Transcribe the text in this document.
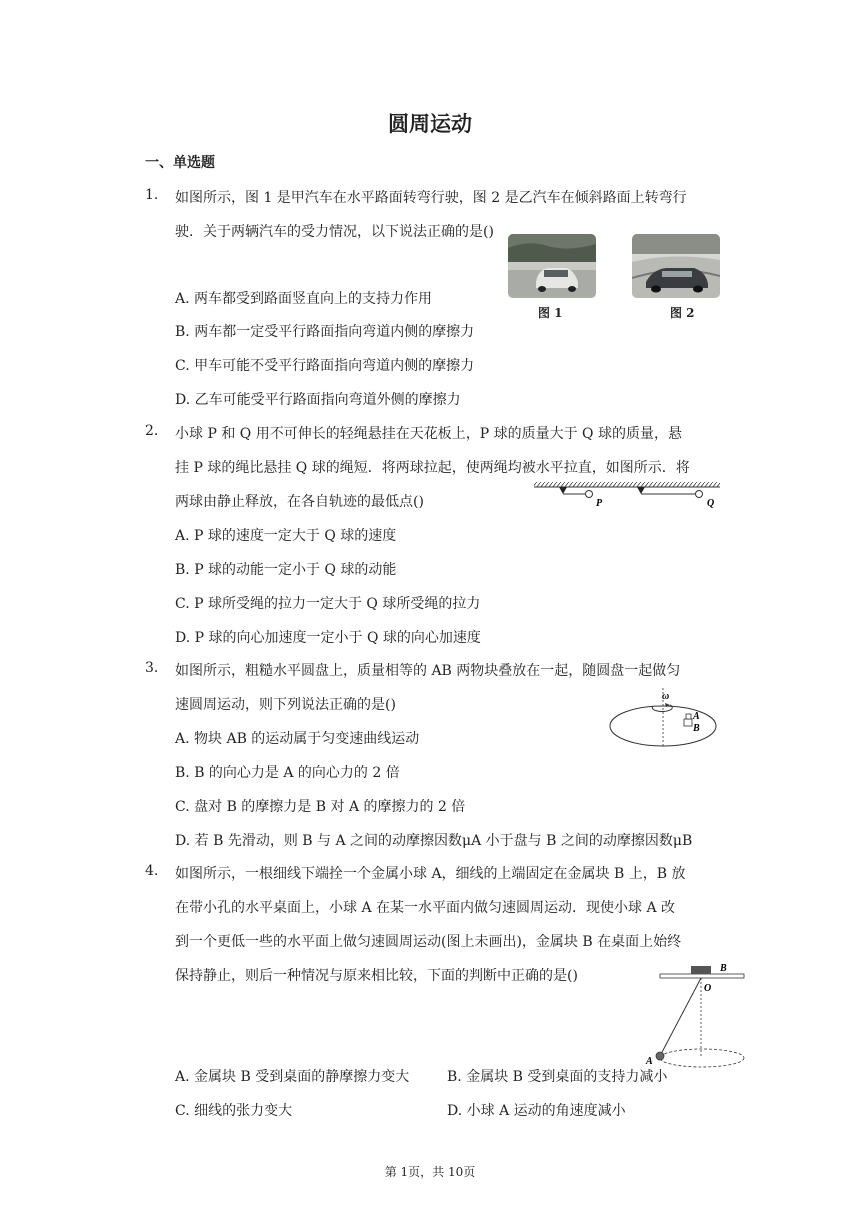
圆周运动
一、单选题
1. 如图所示，图 1 是甲汽车在水平路面转弯行驶，图 2 是乙汽车在倾斜路面上转弯行
驶．关于两辆汽车的受力情况，以下说法正确的是()
A. 两车都受到路面竖直向上的支持力作用
B. 两车都一定受平行路面指向弯道内侧的摩擦力
C. 甲车可能不受平行路面指向弯道内侧的摩擦力
D. 乙车可能受平行路面指向弯道外侧的摩擦力
图 1	图 2
2. 小球 P 和 Q 用不可伸长的轻绳悬挂在天花板上，P 球的质量大于 Q 球的质量，悬
挂 P 球的绳比悬挂 Q 球的绳短．将两球拉起，使两绳均被水平拉直，如图所示．将
两球由静止释放，在各自轨迹的最低点()
A. P 球的速度一定大于 Q 球的速度
B. P 球的动能一定小于 Q 球的动能
C. P 球所受绳的拉力一定大于 Q 球所受绳的拉力
D. P 球的向心加速度一定小于 Q 球的向心加速度
P	Q
3. 如图所示，粗糙水平圆盘上，质量相等的 AB 两物块叠放在一起，随圆盘一起做匀
速圆周运动，则下列说法正确的是()
A. 物块 AB 的运动属于匀变速曲线运动
B. B 的向心力是 A 的向心力的 2 倍
C. 盘对 B 的摩擦力是 B 对 A 的摩擦力的 2 倍
D. 若 B 先滑动，则 B 与 A 之间的动摩擦因数μA 小于盘与 B 之间的动摩擦因数μB
ω
A
B
4. 如图所示，一根细线下端拴一个金属小球 A，细线的上端固定在金属块 B 上，B 放
在带小孔的水平桌面上，小球 A 在某一水平面内做匀速圆周运动．现使小球 A 改
到一个更低一些的水平面上做匀速圆周运动(图上未画出)，金属块 B 在桌面上始终
保持静止，则后一种情况与原来相比较，下面的判断中正确的是()	B
O
A
A. 金属块 B 受到桌面的静摩擦力变大	B. 金属块 B 受到桌面的支持力减小
C. 细线的张力变大	D. 小球 A 运动的角速度减小
第 1页，共 10页
